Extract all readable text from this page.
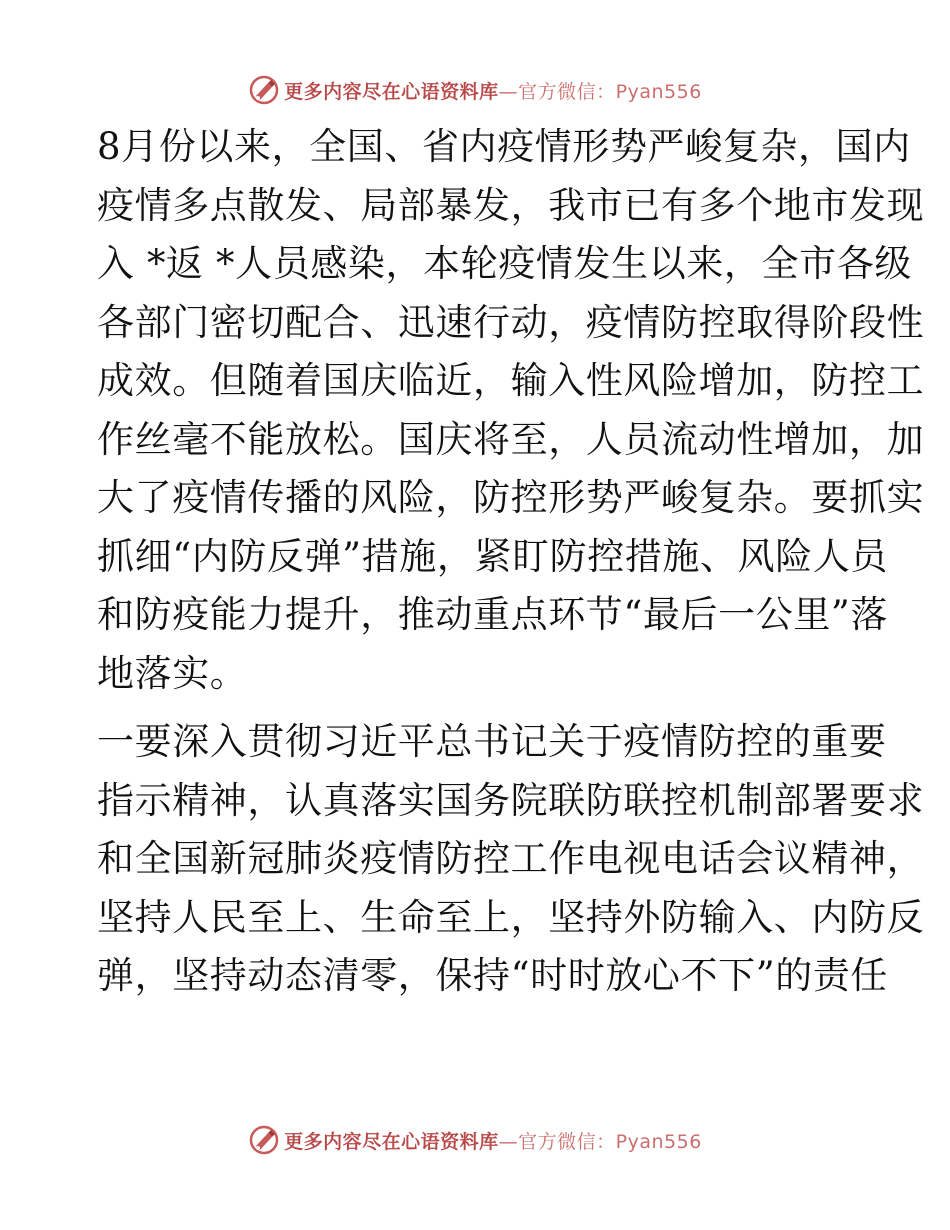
更多内容尽在心语资料库—官方微信：Pyan556

8月份以来，全国、省内疫情形势严峻复杂，国内
疫情多点散发、局部暴发，我市已有多个地市发现
入 *返 *人员感染，本轮疫情发生以来，全市各级
各部门密切配合、迅速行动，疫情防控取得阶段性
成效。但随着国庆临近，输入性风险增加，防控工
作丝毫不能放松。国庆将至，人员流动性增加，加
大了疫情传播的风险，防控形势严峻复杂。要抓实
抓细“内防反弹”措施，紧盯防控措施、风险人员
和防疫能力提升，推动重点环节“最后一公里”落
地落实。

一要深入贯彻习近平总书记关于疫情防控的重要
指示精神，认真落实国务院联防联控机制部署要求
和全国新冠肺炎疫情防控工作电视电话会议精神，
坚持人民至上、生命至上，坚持外防输入、内防反
弹，坚持动态清零，保持“时时放心不下”的责任

更多内容尽在心语资料库—官方微信：Pyan556
